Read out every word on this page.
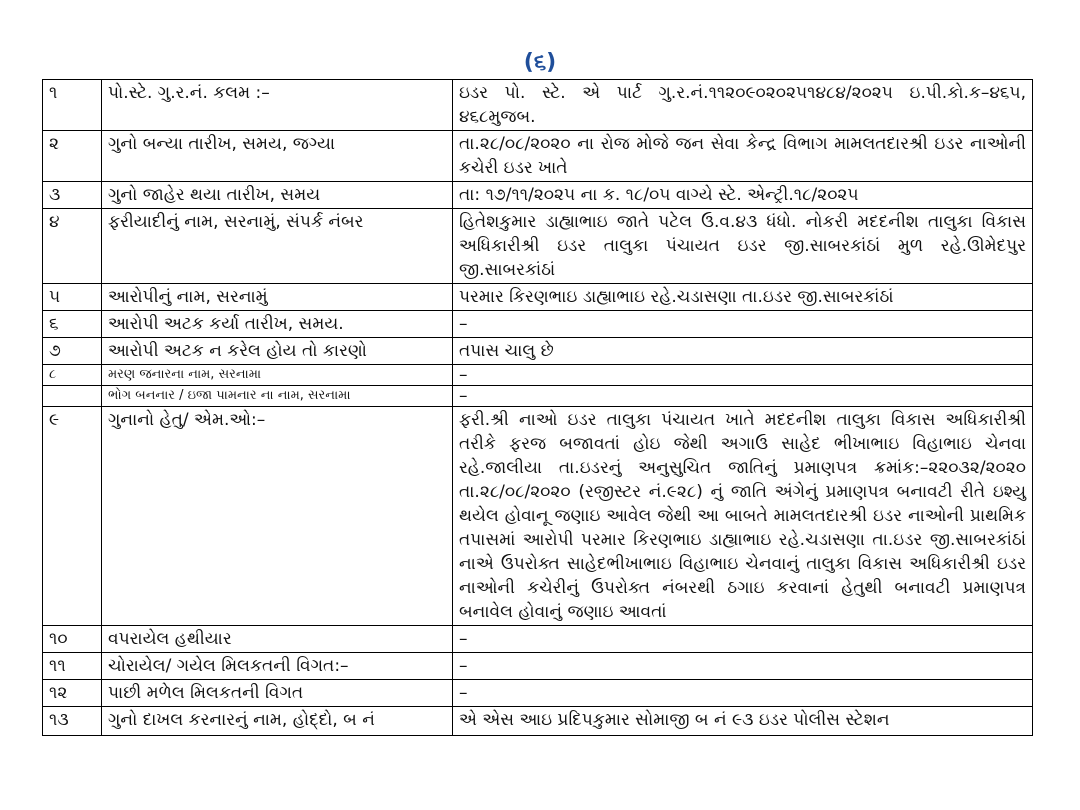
(૬)
૧	પો.સ્ટે. ગુ.ર.નં. કલમ :–	ઇડર પો. સ્ટે. એ પાર્ટ ગુ.ર.નં.૧૧૨૦૯૦૨૦૨૫૧૪૮૪/૨૦૨૫ ઇ.પી.કો.ક–૪૬૫, ૪૬૮મુજબ.
૨	ગુનો બન્યા તારીખ, સમય, જગ્યા	તા.૨૮/૦૮/૨૦૨૦ ના રોજ મોજે જન સેવા કેન્દ્ર વિભાગ મામલતદારશ્રી ઇડર નાઓની કચેરી ઇડર ખાતે
૩	ગુનો જાહેર થયા તારીખ, સમય	તા: ૧૭/૧૧/૨૦૨૫ ના ક. ૧૮/૦૫ વાગ્યે સ્ટે. એન્ટ્રી.૧૮/૨૦૨૫
૪	ફરીયાદીનું નામ, સરનામું, સંપર્ક નંબર	હિતેશકુમાર ડાહ્યાભાઇ જાતે પટેલ ઉ.વ.૪૩ ધંધો. નોકરી મદદનીશ તાલુકા વિકાસ અધિકારીશ્રી ઇડર તાલુકા પંચાયત ઇડર જી.સાબરકાંઠાં મુળ રહે.ઊમેદપુર જી.સાબરકાંઠાં
૫	આરોપીનું નામ, સરનામું	પરમાર કિરણભાઇ ડાહ્યાભાઇ રહે.ચડાસણા તા.ઇડર જી.સાબરકાંઠાં
૬	આરોપી અટક કર્યા તારીખ, સમય.	–
૭	આરોપી અટક ન કરેલ હોય તો કારણો	તપાસ ચાલુ છે
૮	મરણ જનારના નામ, સરનામા	–
	ભોગ બનનાર / ઇજા પામનાર ના નામ, સરનામા	–
૯	ગુનાનો હેતુ/ એમ.ઓ:–	ફરી.શ્રી નાઓ ઇડર તાલુકા પંચાયત ખાતે મદદનીશ તાલુકા વિકાસ અધિકારીશ્રી તરીકે ફરજ બજાવતાં હોઇ જેથી અગાઉ સાહેદ ભીખાભાઇ વિહાભાઇ ચેનવા રહે.જાલીયા તા.ઇડરનું અનુસુચિત જાતિનું પ્રમાણપત્ર ક્રમાંક:–૨૨૦૩૨/૨૦૨૦ તા.૨૮/૦૮/૨૦૨૦ (રજીસ્ટર નં.૯૨૮) નું જાતિ અંગેનું પ્રમાણપત્ર બનાવટી રીતે ઇશ્યુ થયેલ હોવાનૂ જણાઇ આવેલ જેથી આ બાબતે મામલતદારશ્રી ઇડર નાઓની પ્રાથમિક તપાસમાં આરોપી પરમાર કિરણભાઇ ડાહ્યાભાઇ રહે.ચડાસણા તા.ઇડર જી.સાબરકાંઠાં નાએ ઉપરોક્ત સાહેદભીખાભાઇ વિહાભાઇ ચેનવાનું તાલુકા વિકાસ અધિકારીશ્રી ઇડર નાઓની કચેરીનું ઉપરોક્ત નંબરથી ઠગાઇ કરવાનાં હેતુથી બનાવટી પ્રમાણપત્ર બનાવેલ હોવાનું જણાઇ આવતાં
૧૦	વપરાયેલ હથીયાર	–
૧૧	ચોરાયેલ/ ગયેલ મિલકતની વિગત:–	–
૧૨	પાછી મળેલ મિલકતની વિગત	–
૧૩	ગુનો દાખલ કરનારનું નામ, હોદ્દો, બ નં	એ એસ આઇ પ્રદિપકુમાર સોમાજી બ નં ૯૩ ઇડર પોલીસ સ્ટેશન
